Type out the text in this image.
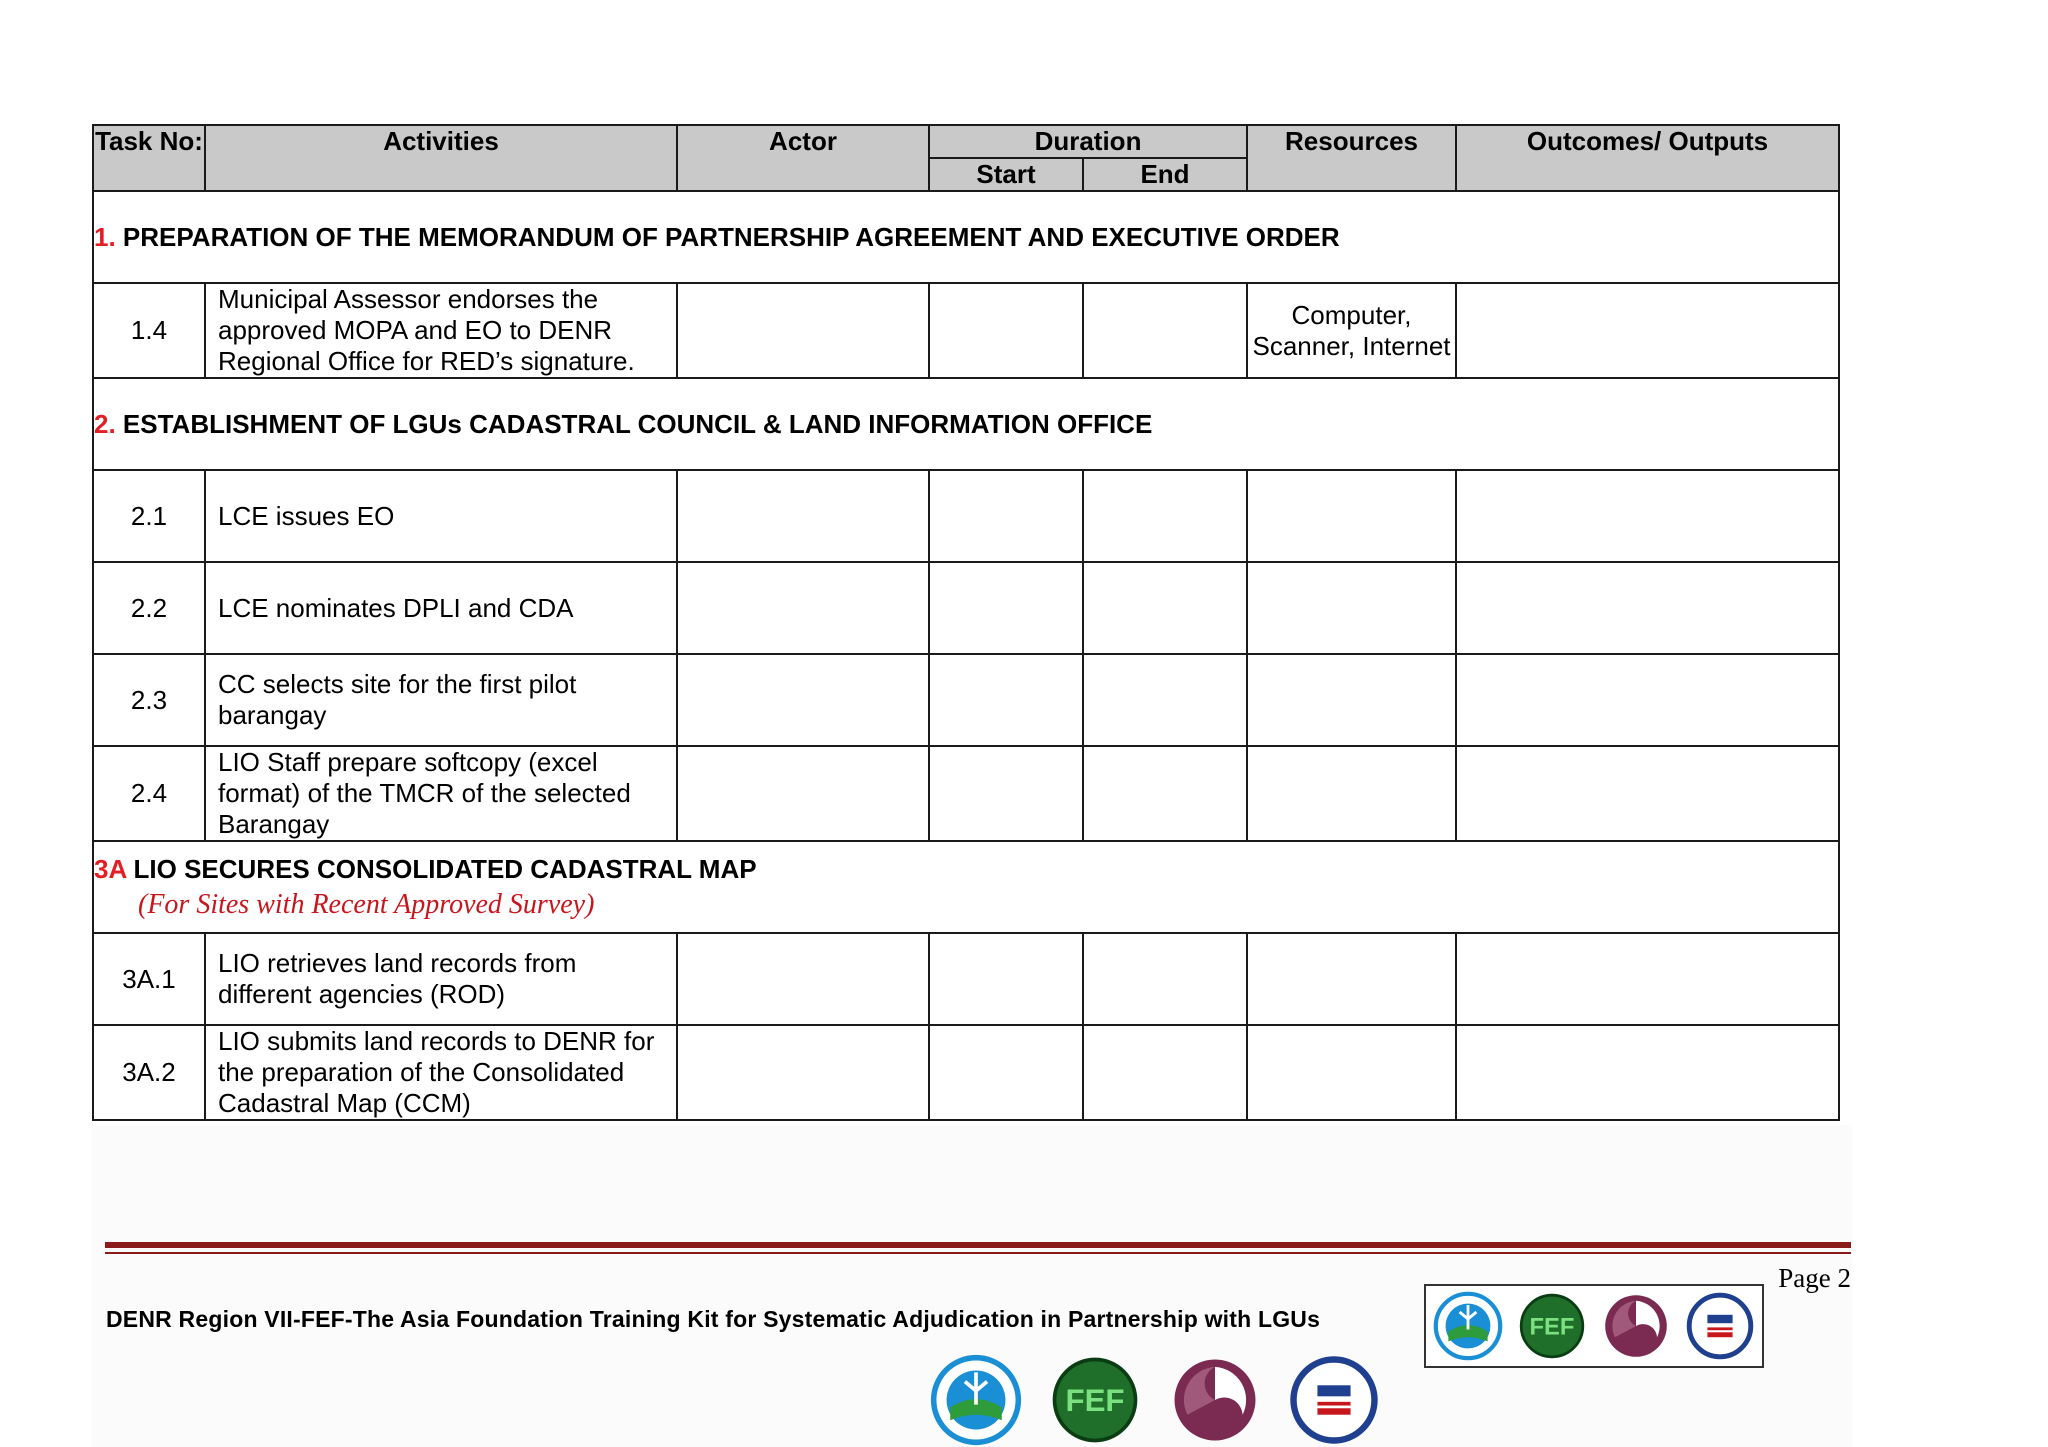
Task No:	Activities	Actor	Duration		Resources	Outcomes/ Outputs
			Start	End		
1. PREPARATION OF THE MEMORANDUM OF PARTNERSHIP AGREEMENT AND EXECUTIVE ORDER						
1.4	Municipal Assessor endorses the approved MOPA and EO to DENR Regional Office for RED’s signature.				Computer, Scanner, Internet	
2. ESTABLISHMENT OF LGUs CADASTRAL COUNCIL & LAND INFORMATION OFFICE						
2.1	LCE issues EO					
2.2	LCE nominates DPLI and CDA					
2.3	CC selects site for the first pilot barangay					
2.4	LIO Staff prepare softcopy (excel format) of the TMCR of the selected Barangay					
3A LIO SECURES CONSOLIDATED CADASTRAL MAP
(For Sites with Recent Approved Survey)						

3A.1	LIO retrieves land records from different agencies (ROD)					
3A.2	LIO submits land records to DENR for the preparation of the Consolidated Cadastral Map (CCM)					
Page 2
DENR Region VII-FEF-The Asia Foundation Training Kit for Systematic Adjudication in Partnership with LGUs	FEF
FEF
